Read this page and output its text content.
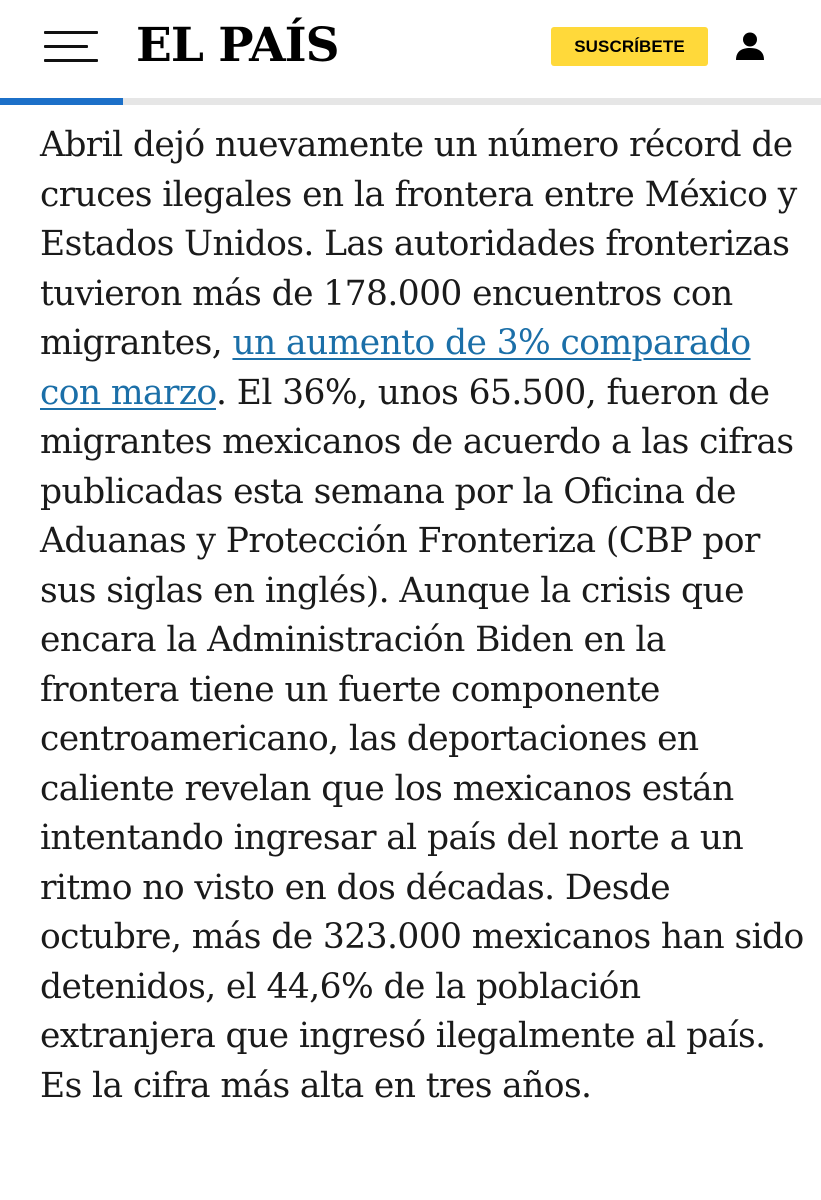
EL PAÍS	SUSCRÍBETE

Abril dejó nuevamente un número récord de cruces ilegales en la frontera entre México y Estados Unidos. Las autoridades fronterizas tuvieron más de 178.000 encuentros con migrantes, un aumento de 3% comparado con marzo. El 36%, unos 65.500, fueron de migrantes mexicanos de acuerdo a las cifras publicadas esta semana por la Oficina de Aduanas y Protección Fronteriza (CBP por sus siglas en inglés). Aunque la crisis que encara la Administración Biden en la frontera tiene un fuerte componente centroamericano, las deportaciones en caliente revelan que los mexicanos están intentando ingresar al país del norte a un ritmo no visto en dos décadas. Desde octubre, más de 323.000 mexicanos han sido detenidos, el 44,6% de la población extranjera que ingresó ilegalmente al país. Es la cifra más alta en tres años.
